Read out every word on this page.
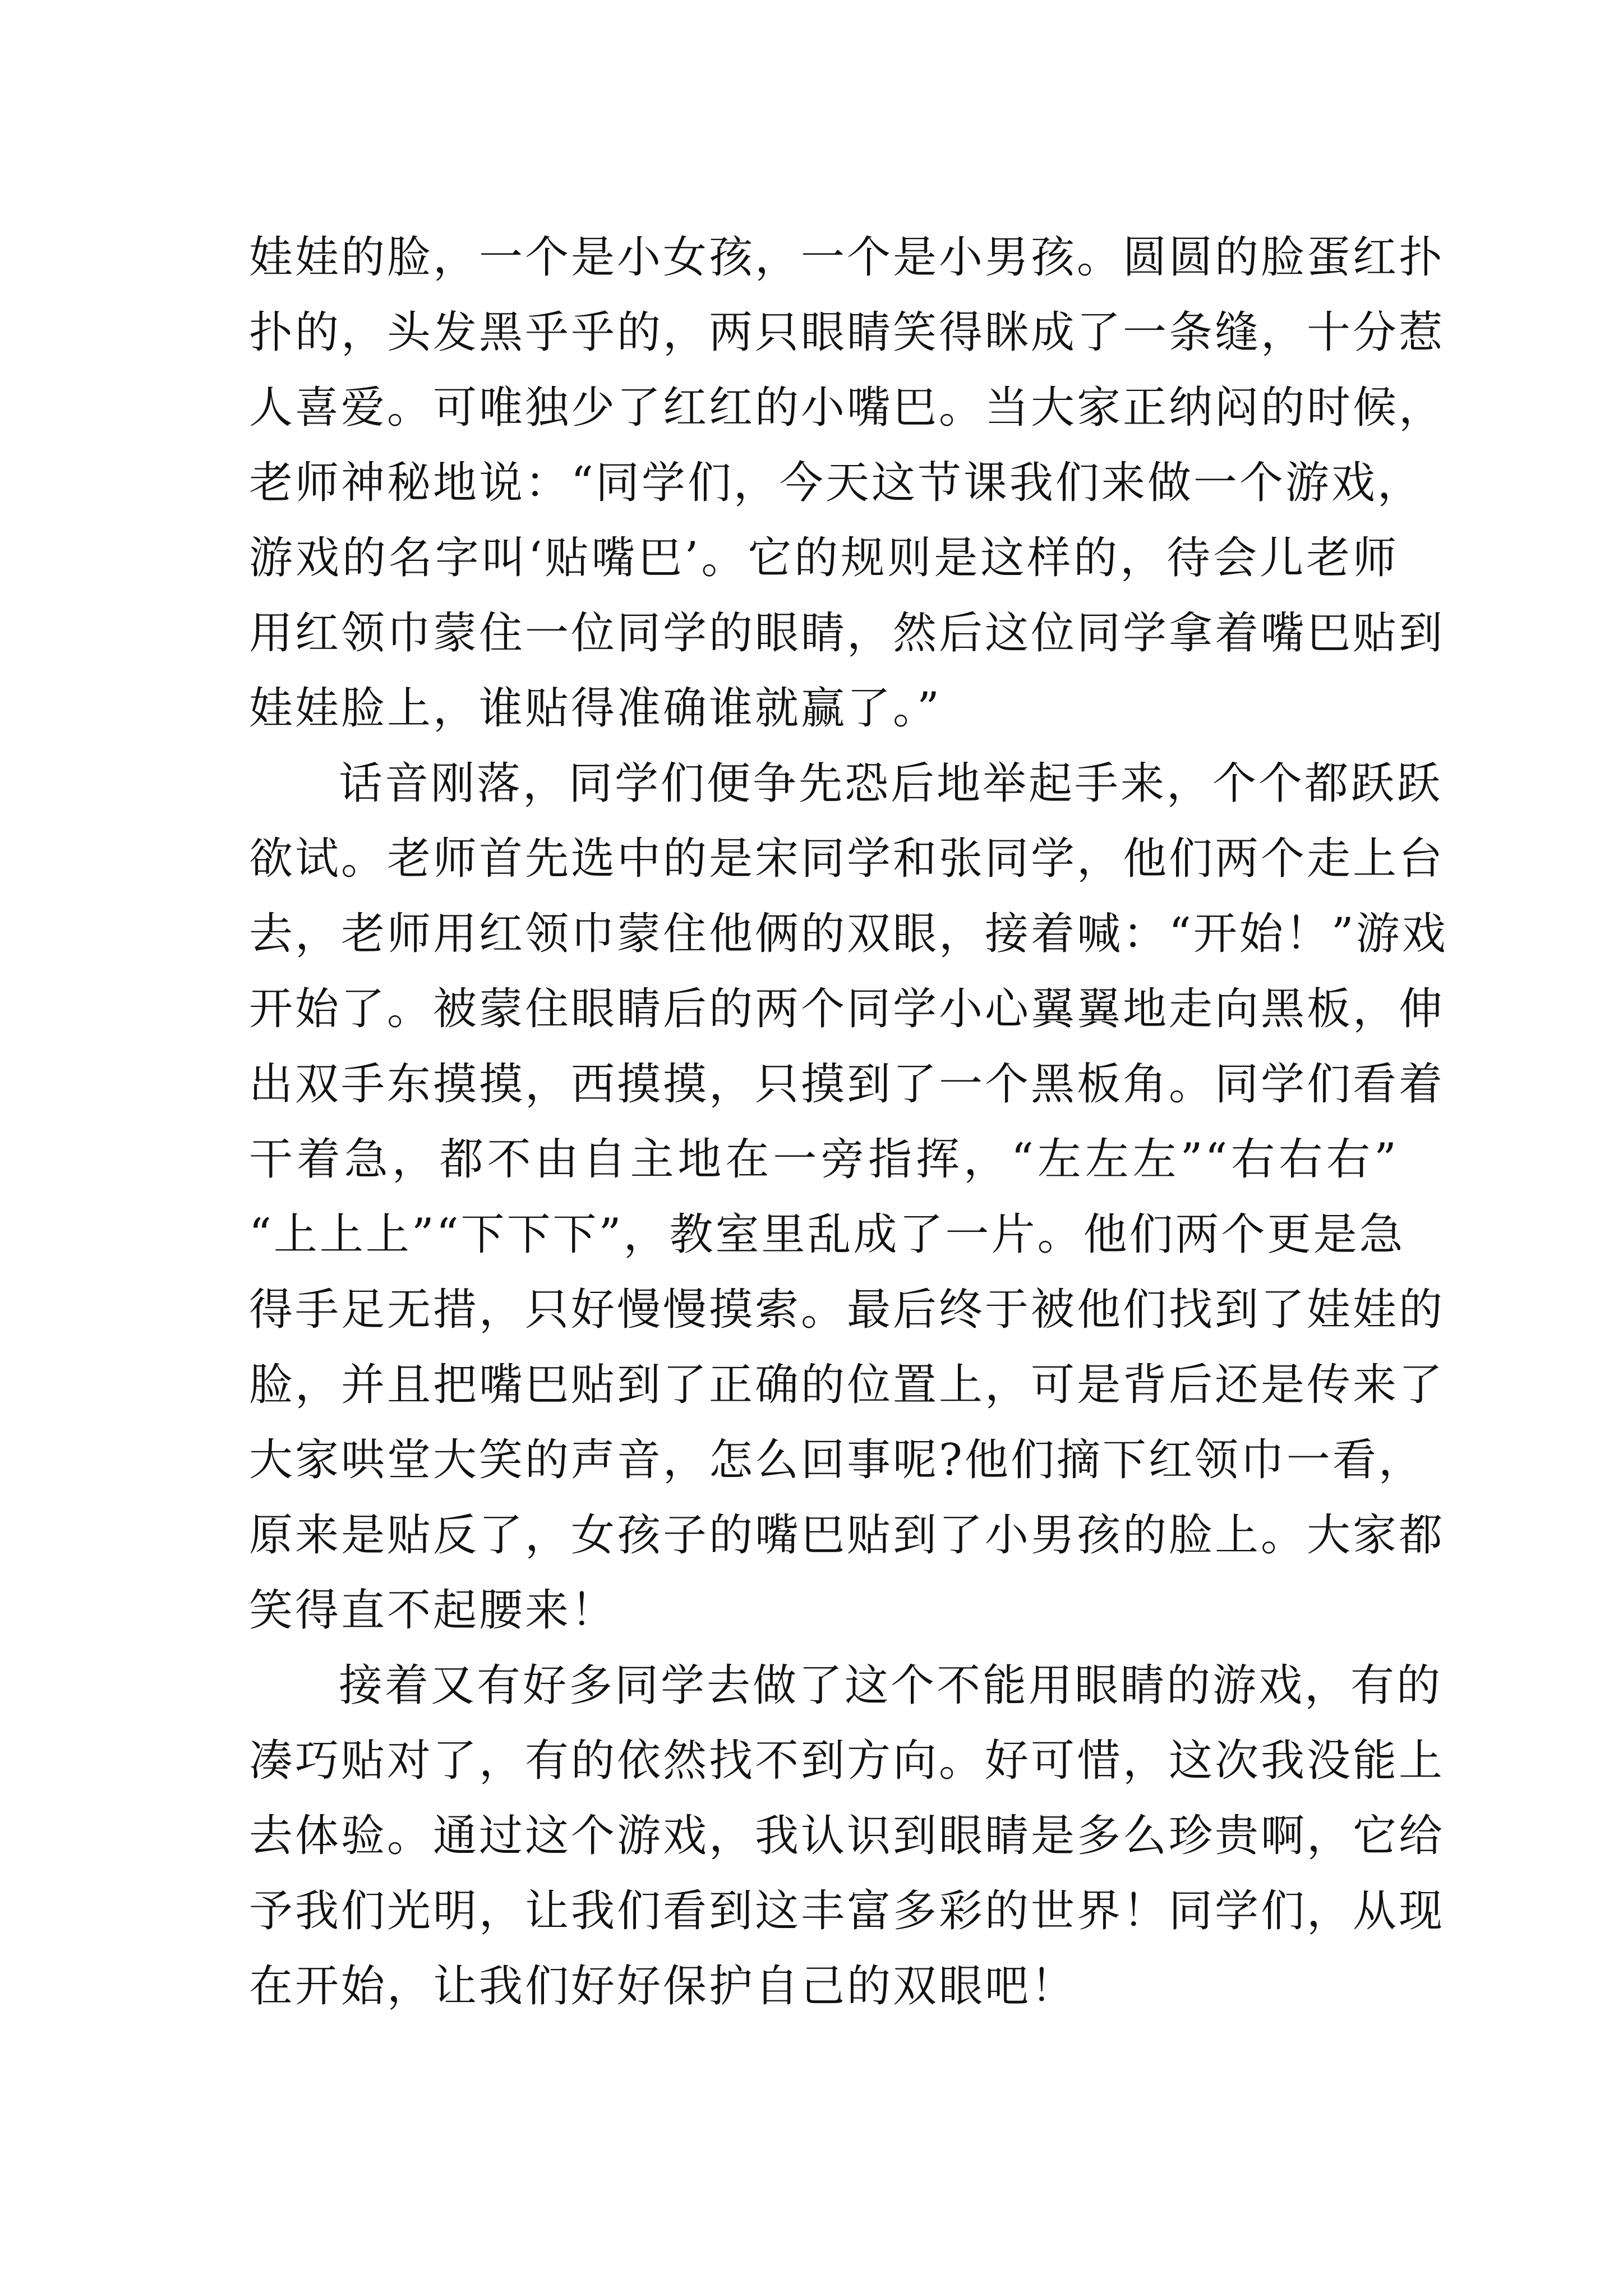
娃娃的脸，一个是小女孩，一个是小男孩。圆圆的脸蛋红扑
扑的，头发黑乎乎的，两只眼睛笑得眯成了一条缝，十分惹
人喜爱。可唯独少了红红的小嘴巴。当大家正纳闷的时候，
老师神秘地说：“同学们，今天这节课我们来做一个游戏，
游戏的名字叫‘贴嘴巴’。它的规则是这样的，待会儿老师
用红领巾蒙住一位同学的眼睛，然后这位同学拿着嘴巴贴到
娃娃脸上，谁贴得准确谁就赢了。”
话音刚落，同学们便争先恐后地举起手来，个个都跃跃
欲试。老师首先选中的是宋同学和张同学，他们两个走上台
去，老师用红领巾蒙住他俩的双眼，接着喊：“开始！”游戏
开始了。被蒙住眼睛后的两个同学小心翼翼地走向黑板，伸
出双手东摸摸，西摸摸，只摸到了一个黑板角。同学们看着
干着急，都不由自主地在一旁指挥，“左左左”“右右右”
“上上上”“下下下”，教室里乱成了一片。他们两个更是急
得手足无措，只好慢慢摸索。最后终于被他们找到了娃娃的
脸，并且把嘴巴贴到了正确的位置上，可是背后还是传来了
大家哄堂大笑的声音，怎么回事呢?他们摘下红领巾一看，
原来是贴反了，女孩子的嘴巴贴到了小男孩的脸上。大家都
笑得直不起腰来！
接着又有好多同学去做了这个不能用眼睛的游戏，有的
凑巧贴对了，有的依然找不到方向。好可惜，这次我没能上
去体验。通过这个游戏，我认识到眼睛是多么珍贵啊，它给
予我们光明，让我们看到这丰富多彩的世界！同学们，从现
在开始，让我们好好保护自己的双眼吧！
